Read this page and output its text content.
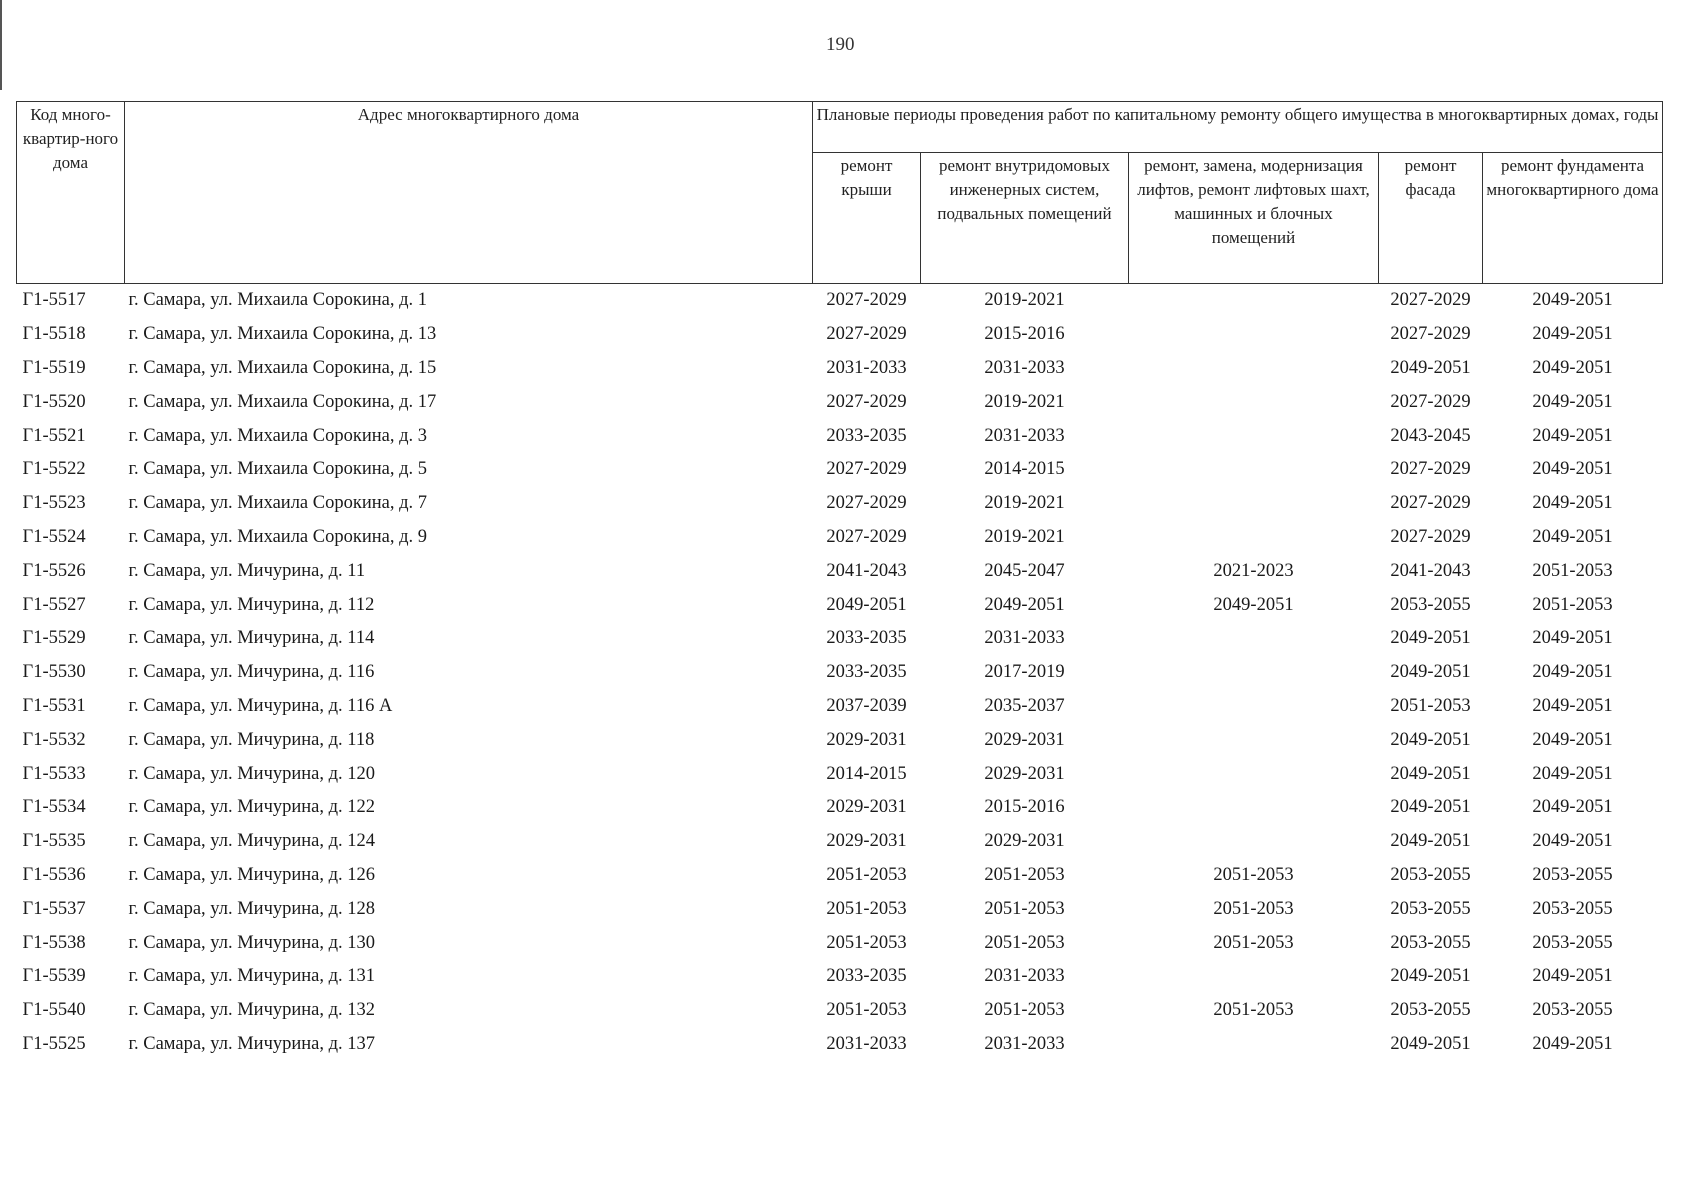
190
Код много-квартир-ного дома	Адрес многоквартирного дома	Плановые периоды проведения работ по капитальному ремонту общего имущества в многоквартирных домах, годы				
		ремонт крыши	ремонт внутридомовых инженерных систем, подвальных помещений	ремонт, замена, модернизация лифтов, ремонт лифтовых шахт, машинных и блочных помещений	ремонт фасада	ремонт фундамента многоквартирного дома
Г1-5517	г. Самара, ул. Михаила Сорокина, д. 1	2027-2029	2019-2021		2027-2029	2049-2051
Г1-5518	г. Самара, ул. Михаила Сорокина, д. 13	2027-2029	2015-2016		2027-2029	2049-2051
Г1-5519	г. Самара, ул. Михаила Сорокина, д. 15	2031-2033	2031-2033		2049-2051	2049-2051
Г1-5520	г. Самара, ул. Михаила Сорокина, д. 17	2027-2029	2019-2021		2027-2029	2049-2051
Г1-5521	г. Самара, ул. Михаила Сорокина, д. 3	2033-2035	2031-2033		2043-2045	2049-2051
Г1-5522	г. Самара, ул. Михаила Сорокина, д. 5	2027-2029	2014-2015		2027-2029	2049-2051
Г1-5523	г. Самара, ул. Михаила Сорокина, д. 7	2027-2029	2019-2021		2027-2029	2049-2051
Г1-5524	г. Самара, ул. Михаила Сорокина, д. 9	2027-2029	2019-2021		2027-2029	2049-2051
Г1-5526	г. Самара, ул. Мичурина, д. 11	2041-2043	2045-2047	2021-2023	2041-2043	2051-2053
Г1-5527	г. Самара, ул. Мичурина, д. 112	2049-2051	2049-2051	2049-2051	2053-2055	2051-2053
Г1-5529	г. Самара, ул. Мичурина, д. 114	2033-2035	2031-2033		2049-2051	2049-2051
Г1-5530	г. Самара, ул. Мичурина, д. 116	2033-2035	2017-2019		2049-2051	2049-2051
Г1-5531	г. Самара, ул. Мичурина, д. 116 А	2037-2039	2035-2037		2051-2053	2049-2051
Г1-5532	г. Самара, ул. Мичурина, д. 118	2029-2031	2029-2031		2049-2051	2049-2051
Г1-5533	г. Самара, ул. Мичурина, д. 120	2014-2015	2029-2031		2049-2051	2049-2051
Г1-5534	г. Самара, ул. Мичурина, д. 122	2029-2031	2015-2016		2049-2051	2049-2051
Г1-5535	г. Самара, ул. Мичурина, д. 124	2029-2031	2029-2031		2049-2051	2049-2051
Г1-5536	г. Самара, ул. Мичурина, д. 126	2051-2053	2051-2053	2051-2053	2053-2055	2053-2055
Г1-5537	г. Самара, ул. Мичурина, д. 128	2051-2053	2051-2053	2051-2053	2053-2055	2053-2055
Г1-5538	г. Самара, ул. Мичурина, д. 130	2051-2053	2051-2053	2051-2053	2053-2055	2053-2055
Г1-5539	г. Самара, ул. Мичурина, д. 131	2033-2035	2031-2033		2049-2051	2049-2051
Г1-5540	г. Самара, ул. Мичурина, д. 132	2051-2053	2051-2053	2051-2053	2053-2055	2053-2055
Г1-5525	г. Самара, ул. Мичурина, д. 137	2031-2033	2031-2033		2049-2051	2049-2051
